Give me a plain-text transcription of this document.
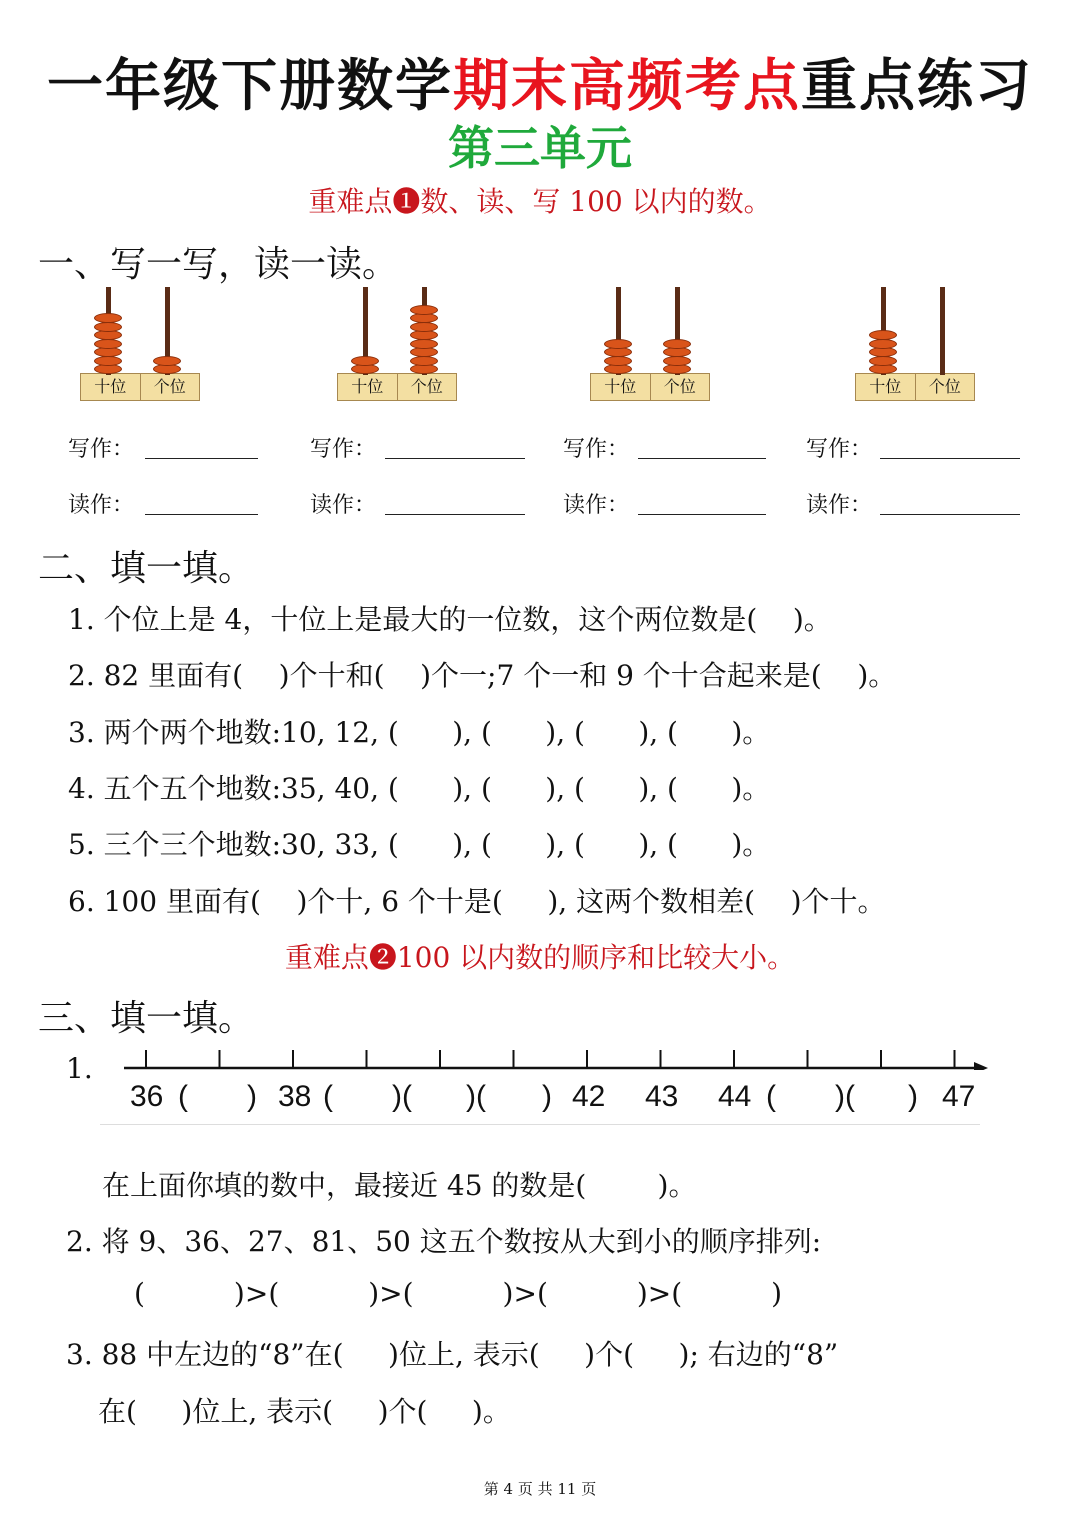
一年级下册数学期末高频考点重点练习
第三单元
重难点❶数、读、写 100 以内的数。
一、写一写，读一读。
十位	个位	十位	个位	十位	个位	十位	个位
写作：	写作：	写作：	写作：
读作：	读作：	读作：	读作：
二、填一填。
1. 个位上是 4，十位上是最大的一位数，这个两位数是(    )。
2. 82 里面有(    )个十和(    )个一;7 个一和 9 个十合起来是(    )。
3. 两个两个地数:10, 12, (      ), (      ), (      ), (      )。
4. 五个五个地数:35, 40, (      ), (      ), (      ), (      )。
5. 三个三个地数:30, 33, (      ), (      ), (      ), (      )。
6. 100 里面有(    )个十, 6 个十是(     ), 这两个数相差(    )个十。
重难点❷100 以内数的顺序和比较大小。
三、填一填。
1.
36 ( ) 38 ( )( )( ) 42 43 44 ( )( ) 47
在上面你填的数中，最接近 45 的数是(        )。
2. 将 9、36、27、81、50 这五个数按从大到小的顺序排列:
(          )>(          )>(          )>(          )>(          )
3. 88 中左边的“8”在(     )位上, 表示(     )个(     ); 右边的“8”
在(     )位上, 表示(     )个(     )。
第 4 页 共 11 页
